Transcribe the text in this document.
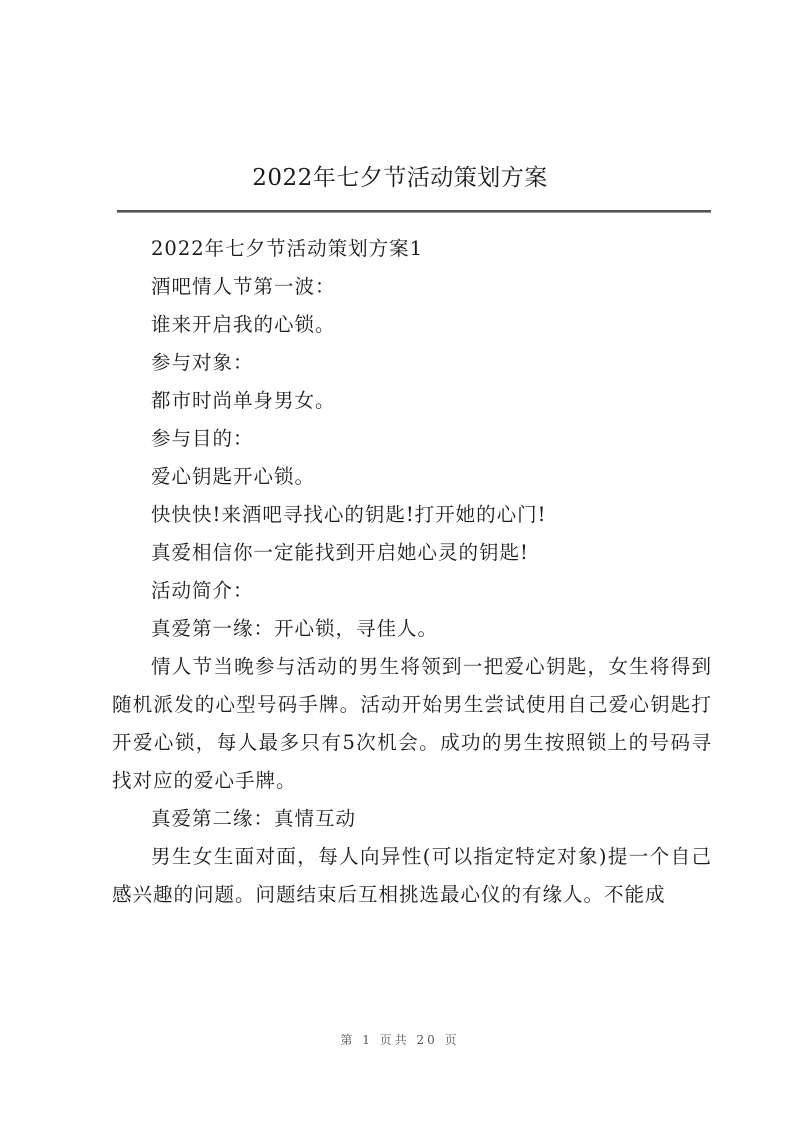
2022年七夕节活动策划方案

2022年七夕节活动策划方案1

酒吧情人节第一波：

谁来开启我的心锁。

参与对象：

都市时尚单身男女。

参与目的：

爱心钥匙开心锁。

快快快!来酒吧寻找心的钥匙!打开她的心门!

真爱相信你一定能找到开启她心灵的钥匙!

活动简介：

真爱第一缘：开心锁，寻佳人。

情人节当晚参与活动的男生将领到一把爱心钥匙，女生将得到随机派发的心型号码手牌。活动开始男生尝试使用自己爱心钥匙打开爱心锁，每人最多只有5次机会。成功的男生按照锁上的号码寻找对应的爱心手牌。

真爱第二缘：真情互动

男生女生面对面，每人向异性(可以指定特定对象)提一个自己感兴趣的问题。问题结束后互相挑选最心仪的有缘人。不能成

第 1 页共 20 页
